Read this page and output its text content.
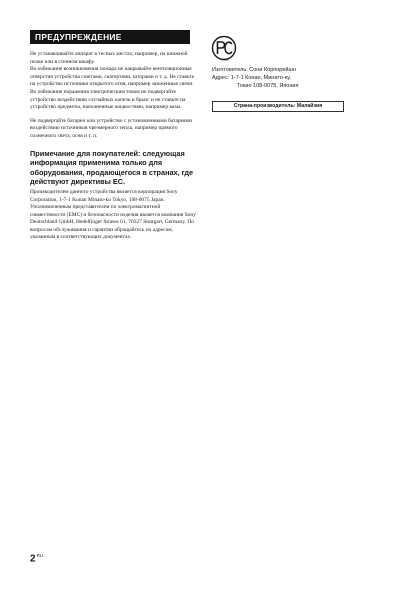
ПРЕДУПРЕЖДЕНИЕ

Не устанавливайте аппарат в тесных местах, например, на книжной полке или в стенном шкафу.

Во избежание возникновения пожара не накрывайте вентиляционные отверстия устройства газетами, скатертями, шторами и т. д. Не ставьте на устройство источники открытого огня, например зажженные свечи.

Во избежание поражения электрическим током не подвергайте устройство воздействию случайных капель и брызг и не ставьте на устройство предметы, наполненные жидкостями, например вазы.

Не подвергайте батареи или устройство с установленными батареями воздействию источников чрезмерного тепла, например прямого солнечного света, огня и т. п.

Примечание для покупателей: следующая информация применима только для оборудования, продающегося в странах, где действуют директивы ЕС.

Производителем данного устройства является корпорация Sony Corporation, 1-7-1 Konan Minato-ku Tokyo, 108-0075 Japan.

Уполномоченным представителем по электромагнитной совместимости (EMC) и безопасности изделия является компания Sony Deutschland GmbH, Hedelfinger Strasse 61, 70327 Stuttgart, Germany. По вопросам обслуживания и гарантии обращайтесь по адресам, указанным в соответствующих документах.

ME61
Изготовитель: Сони Корпорейшн
Адрес: 1-7-1 Конан, Минато-ку,
Токио 108-0075, Япония
Страна-производитель: Малайзия
$2^{RU}$
